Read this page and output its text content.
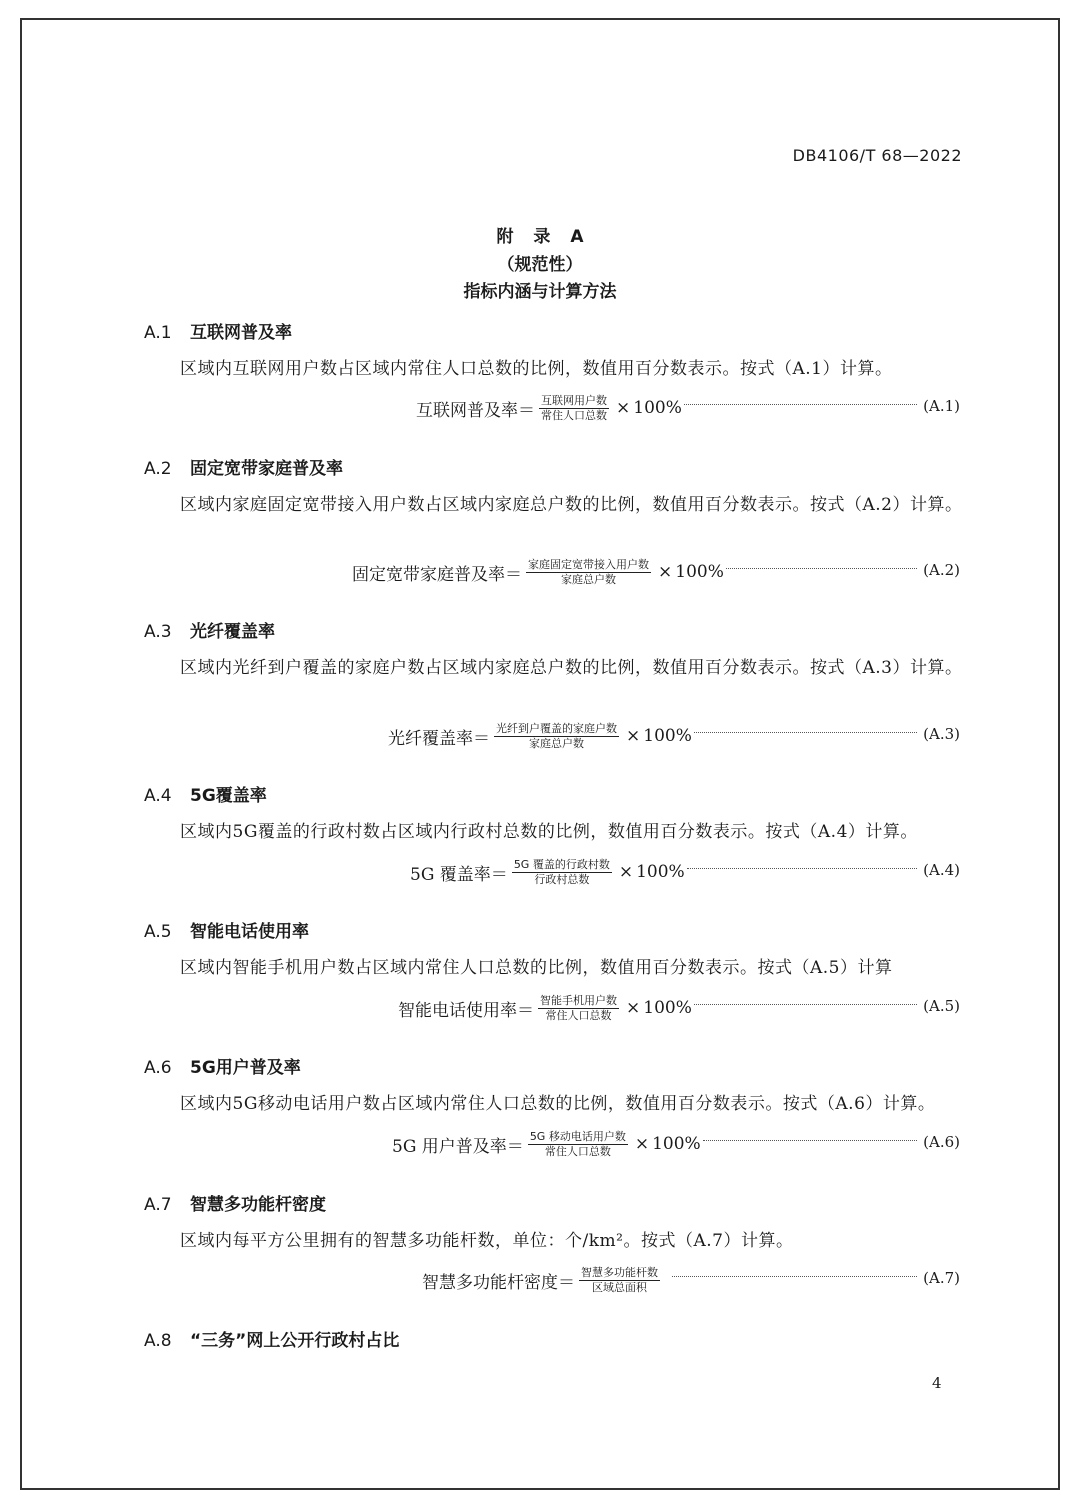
DB4106/T 68—2022
附 录 A
（规范性）
指标内涵与计算方法
A.1 互联网普及率
区域内互联网用户数占区域内常住人口总数的比例，数值用百分数表示。按式（A.1）计算。
互联网普及率＝ $\frac{\text{互联网用户数}}{\text{常住人口总数}} \times 100\%$	(A.1)
A.2 固定宽带家庭普及率
区域内家庭固定宽带接入用户数占区域内家庭总户数的比例，数值用百分数表示。按式（A.2）计算。
固定宽带家庭普及率＝ $\frac{\text{家庭固定宽带接入用户数}}{\text{家庭总户数}} \times 100\%$	(A.2)
A.3 光纤覆盖率
区域内光纤到户覆盖的家庭户数占区域内家庭总户数的比例，数值用百分数表示。按式（A.3）计算。
光纤覆盖率＝ $\frac{\text{光纤到户覆盖的家庭户数}}{\text{家庭总户数}} \times 100\%$	(A.3)
A.4 5G覆盖率
区域内5G覆盖的行政村数占区域内行政村总数的比例，数值用百分数表示。按式（A.4）计算。
5G 覆盖率＝ $\frac{\text{5G 覆盖的行政村数}}{\text{行政村总数}} \times 100\%$	(A.4)
A.5 智能电话使用率
区域内智能手机用户数占区域内常住人口总数的比例，数值用百分数表示。按式（A.5）计算
智能电话使用率＝ $\frac{\text{智能手机用户数}}{\text{常住人口总数}} \times 100\%$	(A.5)
A.6 5G用户普及率
区域内5G移动电话用户数占区域内常住人口总数的比例，数值用百分数表示。按式（A.6）计算。
5G 用户普及率＝ $\frac{\text{5G 移动电话用户数}}{\text{常住人口总数}} \times 100\%$	(A.6)
A.7 智慧多功能杆密度
区域内每平方公里拥有的智慧多功能杆数，单位：个/km²。按式（A.7）计算。
智慧多功能杆密度＝ $\frac{\text{智慧多功能杆数}}{\text{区域总面积}}$	(A.7)
A.8 “三务”网上公开行政村占比
4
